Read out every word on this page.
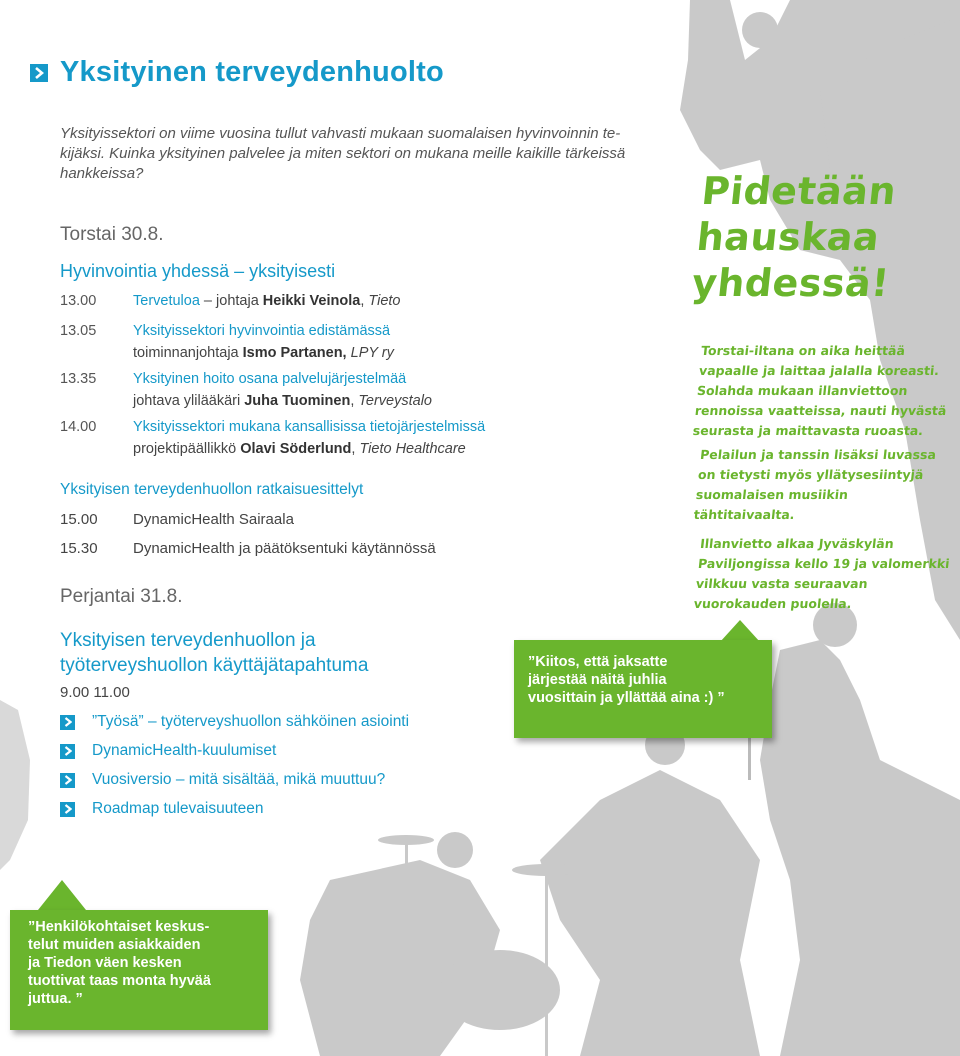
Yksityinen terveydenhuolto
Yksityissektori on viime vuosina tullut vahvasti mukaan suomalaisen hyvinvoinnin te-
kijäksi. Kuinka yksityinen palvelee ja miten sektori on mukana meille kaikille tärkeissä
hankkeissa?
Torstai 30.8.
Hyvinvointia yhdessä – yksityisesti
13.00	Tervetuloa – johtaja Heikki Veinola, Tieto
13.05	Yksityissektori hyvinvointia edistämässä
toiminnanjohtaja Ismo Partanen, LPY ry
13.35	Yksityinen hoito osana palvelujärjestelmää
johtava ylilääkäri Juha Tuominen, Terveystalo
14.00	Yksityissektori mukana kansallisissa tietojärjestelmissä
projektipäällikkö Olavi Söderlund, Tieto Healthcare
Yksityisen terveydenhuollon ratkaisuesittelyt
15.00	DynamicHealth Sairaala
15.30	DynamicHealth ja päätöksentuki käytännössä
Perjantai 31.8.
Yksityisen terveydenhuollon ja
työterveyshuollon käyttäjätapahtuma
9.00 11.00
”Työsä” – työterveyshuollon sähköinen asiointi
DynamicHealth-kuulumiset
Vuosiversio – mitä sisältää, mikä muuttuu?
Roadmap tulevaisuuteen
”Kiitos, että jaksatte
järjestää näitä juhlia
vuosittain ja yllättää aina :) ”
”Henkilökohtaiset keskus-
telut muiden asiakkaiden
ja Tiedon väen kesken
tuottivat taas monta hyvää
juttua. ”
Pidetään
hauskaa
yhdessä!
Torstai-iltana on aika heittää
vapaalle ja laittaa jalalla koreasti.
Solahda mukaan illanviettoon
rennoissa vaatteissa, nauti hyvästä
seurasta ja maittavasta ruoasta.
Pelailun ja tanssin lisäksi luvassa
on tietysti myös yllätysesiintyjä
suomalaisen musiikin
tähtitaivaalta.
Illanvietto alkaa Jyväskylän
Paviljongissa kello 19 ja valomerkki
vilkkuu vasta seuraavan
vuorokauden puolella.
